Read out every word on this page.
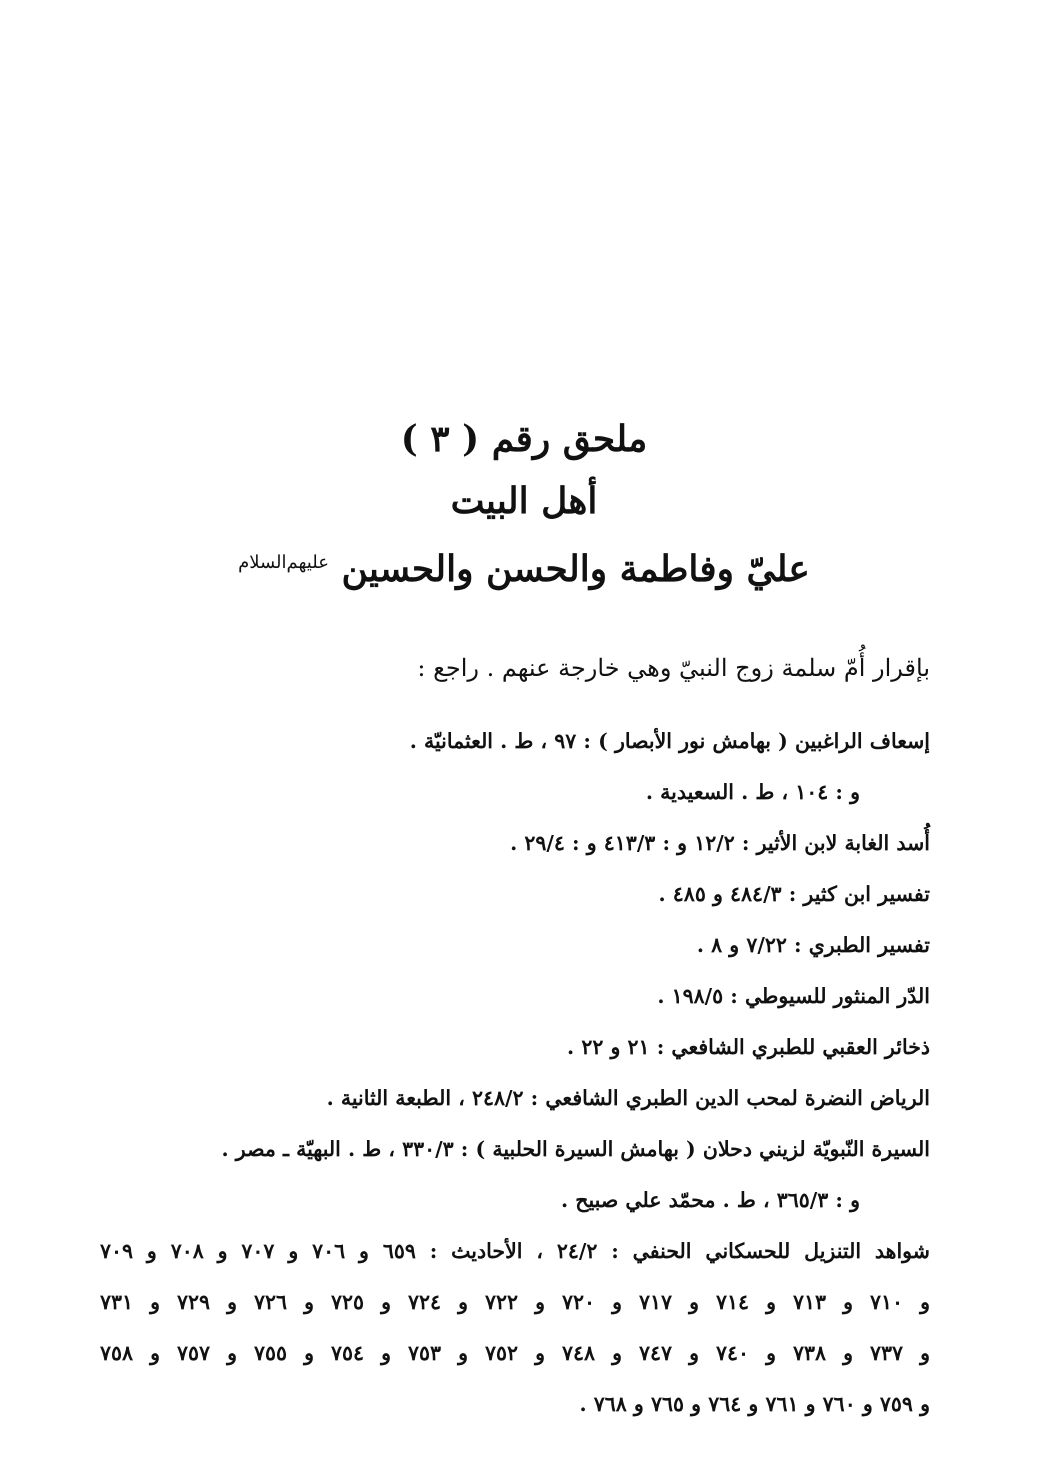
ملحق رقم ( ٣ )
أهل البيت
عليّ وفاطمة والحسن والحسين $^{عليهم‌السلام}$

بإقرار أُمّ سلمة زوج النبيّ وهي خارجة عنهم . راجع :

إسعاف الراغبين ( بهامش نور الأبصار ) : ٩٧ ، ط . العثمانيّة .
و : ١٠٤ ، ط . السعيدية .
أُسد الغابة لابن الأثير : ١٢/٢ و : ٤١٣/٣ و : ٢٩/٤ .
تفسير ابن كثير : ٤٨٤/٣ و ٤٨٥ .
تفسير الطبري : ٧/٢٢ و ٨ .
الدّر المنثور للسيوطي : ١٩٨/٥ .
ذخائر العقبي للطبري الشافعي : ٢١ و ٢٢ .
الرياض النضرة لمحب الدين الطبري الشافعي : ٢٤٨/٢ ، الطبعة الثانية .
السيرة النّبويّة لزيني دحلان ( بهامش السيرة الحلبية ) : ٣٣٠/٣ ، ط . البهيّة ـ مصر .
و : ٣٦٥/٣ ، ط . محمّد علي صبيح .
شواهد التنزيل للحسكاني الحنفي : ٢٤/٢ ، الأحاديث : ٦٥٩ و ٧٠٦ و ٧٠٧ و ٧٠٨ و ٧٠٩
و ٧١٠ و ٧١٣ و ٧١٤ و ٧١٧ و ٧٢٠ و ٧٢٢ و ٧٢٤ و ٧٢٥ و ٧٢٦ و ٧٢٩ و ٧٣١
و ٧٣٧ و ٧٣٨ و ٧٤٠ و ٧٤٧ و ٧٤٨ و ٧٥٢ و ٧٥٣ و ٧٥٤ و ٧٥٥ و ٧٥٧ و ٧٥٨
و ٧٥٩ و ٧٦٠ و ٧٦١ و ٧٦٤ و ٧٦٥ و ٧٦٨ .
